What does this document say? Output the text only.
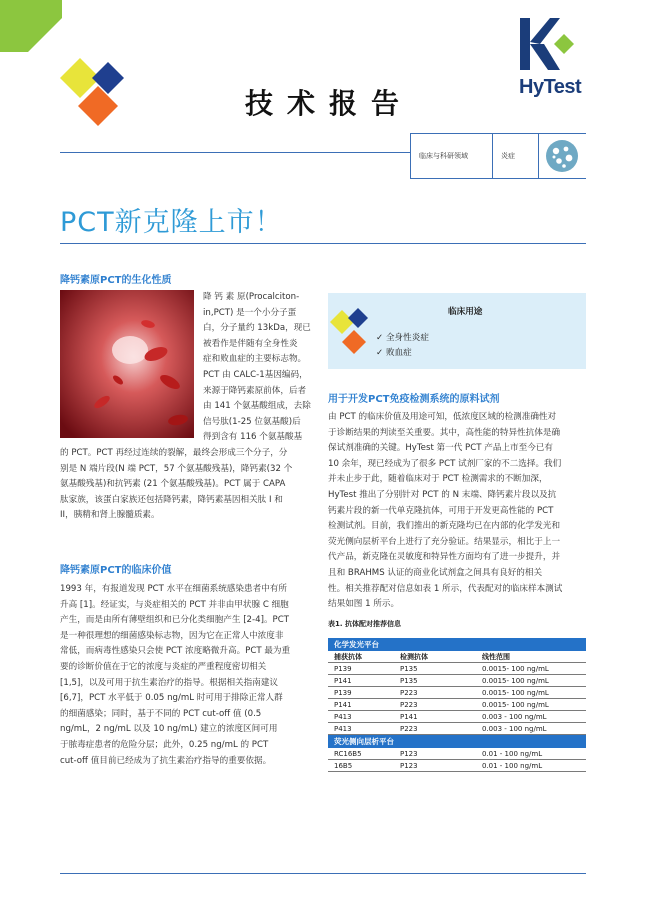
HyTest
技术报告
临床与科研领域	炎症
PCT新克隆上市！
降钙素原PCT的生化性质
降 钙 素 原(Procalciton-
in,PCT) 是一个小分子蛋
白，分子量约 13kDa，现已
被看作是伴随有全身性炎
症和败血症的主要标志物。
PCT 由 CALC-1基因编码，
来源于降钙素原前体，后者
由 141 个氨基酸组成，去除
信号肽(1-25 位氨基酸)后
得到含有 116 个氨基酸基
的 PCT。PCT 再经过连续的裂解，最终会形成三个分子，分
别是 N 端片段(N 端 PCT，57 个氨基酸残基)，降钙素(32 个
氨基酸残基)和抗钙素 (21 个氨基酸残基)。PCT 属于 CAPA
肽家族，该蛋白家族还包括降钙素，降钙素基因相关肽 I 和
II，胰精和肾上腺髓质素。
降钙素原PCT的临床价值
1993 年，有报道发现 PCT 水平在细菌系统感染患者中有所
升高 [1]。经证实，与炎症相关的 PCT 并非由甲状腺 C 细胞
产生，而是由所有薄壁组织和已分化类细胞产生 [2-4]。PCT
是一种很理想的细菌感染标志物，因为它在正常人中浓度非
常低，而病毒性感染只会使 PCT 浓度略微升高。PCT 最为重
要的诊断价值在于它的浓度与炎症的严重程度密切相关
[1,5]，以及可用于抗生素治疗的指导。根据相关指南建议
[6,7]，PCT 水平低于 0.05 ng/mL 时可用于排除正常人群
的细菌感染；同时，基于不同的 PCT cut-off 值 (0.5
ng/mL，2 ng/mL 以及 10 ng/mL) 建立的浓度区间可用
于脓毒症患者的危险分层；此外，0.25 ng/mL 的 PCT
cut-off 值目前已经成为了抗生素治疗指导的重要依据。
临床用途
✓ 全身性炎症
✓ 败血症
用于开发PCT免疫检测系统的原料试剂
由 PCT 的临床价值及用途可知，低浓度区域的检测准确性对
于诊断结果的判读至关重要。其中，高性能的特异性抗体是确
保试剂准确的关键。HyTest 第一代 PCT 产品上市至今已有
10 余年，现已经成为了很多 PCT 试剂厂家的不二选择。我们
并未止步于此，随着临床对于 PCT 检测需求的不断加深，
HyTest 推出了分别针对 PCT 的 N 末端、降钙素片段以及抗
钙素片段的新一代单克隆抗体，可用于开发更高性能的 PCT
检测试剂。目前，我们推出的新克隆均已在内部的化学发光和
荧光侧向层析平台上进行了充分验证。结果显示，相比于上一
代产品，新克隆在灵敏度和特异性方面均有了进一步提升，并
且和 BRAHMS 认证的商业化试剂盒之间具有良好的相关
性。相关推荐配对信息如表 1 所示，代表配对的临床样本测试
结果如图 1 所示。
表1. 抗体配对推荐信息
化学发光平台		
捕获抗体	检测抗体	线性范围
P139	P135	0.0015- 100 ng/mL
P141	P135	0.0015- 100 ng/mL
P139	P223	0.0015- 100 ng/mL
P141	P223	0.0015- 100 ng/mL
P413	P141	0.003 - 100 ng/mL
P413	P223	0.003 - 100 ng/mL
荧光侧向层析平台		
RC16B5	P123	0.01 - 100 ng/mL
16B5	P123	0.01 - 100 ng/mL
